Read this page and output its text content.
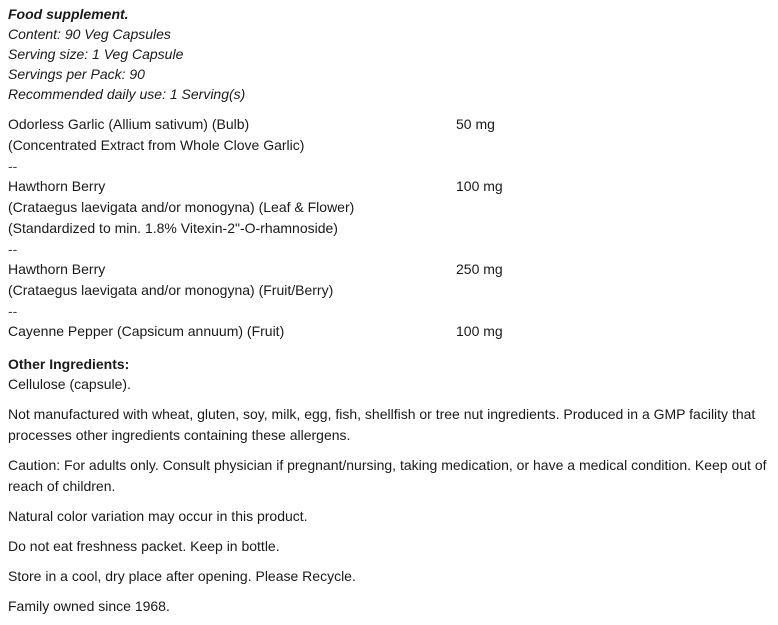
Food supplement.
Content: 90 Veg Capsules
Serving size: 1 Veg Capsule
Servings per Pack: 90
Recommended daily use: 1 Serving(s)
Odorless Garlic (Allium sativum) (Bulb)
(Concentrated Extract from Whole Clove Garlic)
	50 mg
--
Hawthorn Berry
(Crataegus laevigata and/or monogyna) (Leaf & Flower)
(Standardized to min. 1.8% Vitexin-2"-O-rhamnoside)
	100 mg
--
Hawthorn Berry
(Crataegus laevigata and/or monogyna) (Fruit/Berry)
	250 mg
--
Cayenne Pepper (Capsicum annuum) (Fruit)	100 mg
Other Ingredients:

Cellulose (capsule).

Not manufactured with wheat, gluten, soy, milk, egg, fish, shellfish or tree nut ingredients. Produced in a GMP facility that processes other ingredients containing these allergens.

Caution: For adults only. Consult physician if pregnant/nursing, taking medication, or have a medical condition. Keep out of reach of children.

Natural color variation may occur in this product.

Do not eat freshness packet. Keep in bottle.

Store in a cool, dry place after opening. Please Recycle.

Family owned since 1968.
